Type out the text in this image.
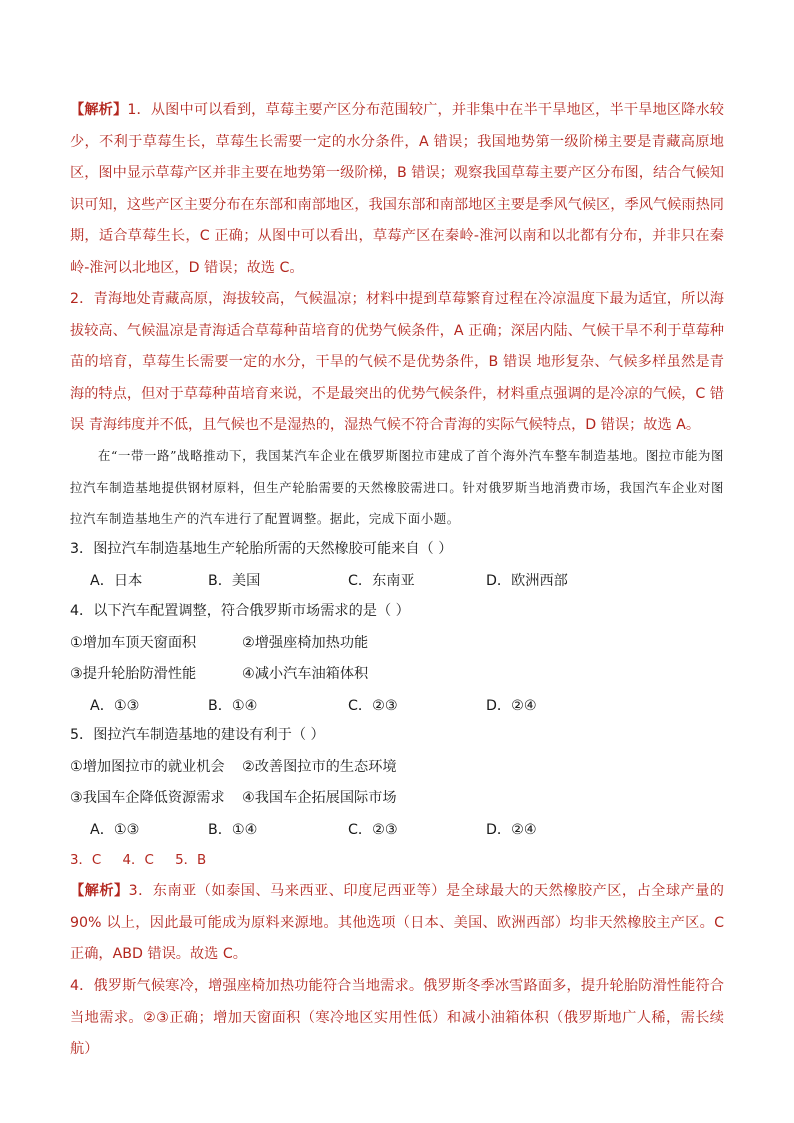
【解析】1．从图中可以看到，草莓主要产区分布范围较广，并非集中在半干旱地区，半干旱地区降水较少，不利于草莓生长，草莓生长需要一定的水分条件，A 错误；我国地势第一级阶梯主要是青藏高原地区，图中显示草莓产区并非主要在地势第一级阶梯，B 错误；观察我国草莓主要产区分布图，结合气候知识可知，这些产区主要分布在东部和南部地区，我国东部和南部地区主要是季风气候区，季风气候雨热同期，适合草莓生长，C 正确；从图中可以看出，草莓产区在秦岭-淮河以南和以北都有分布，并非只在秦岭-淮河以北地区，D 错误；故选 C。

2．青海地处青藏高原，海拔较高，气候温凉；材料中提到草莓繁育过程在冷凉温度下最为适宜，所以海拔较高、气候温凉是青海适合草莓种苗培育的优势气候条件，A 正确；深居内陆、气候干旱不利于草莓种苗的培育，草莓生长需要一定的水分，干旱的气候不是优势条件，B 错误 地形复杂、气候多样虽然是青海的特点，但对于草莓种苗培育来说，不是最突出的优势气候条件，材料重点强调的是冷凉的气候，C 错误 青海纬度并不低，且气候也不是湿热的，湿热气候不符合青海的实际气候特点，D 错误；故选 A。

在“一带一路”战略推动下，我国某汽车企业在俄罗斯图拉市建成了首个海外汽车整车制造基地。图拉市能为图拉汽车制造基地提供钢材原料，但生产轮胎需要的天然橡胶需进口。针对俄罗斯当地消费市场，我国汽车企业对图拉汽车制造基地生产的汽车进行了配置调整。据此，完成下面小题。

3．图拉汽车制造基地生产轮胎所需的天然橡胶可能来自（ ）

A．日本	B．美国	C．东南亚	D．欧洲西部

4．以下汽车配置调整，符合俄罗斯市场需求的是（ ）

①增加车顶天窗面积	②增强座椅加热功能
③提升轮胎防滑性能	④减小汽车油箱体积
A．①③	B．①④	C．②③	D．②④

5．图拉汽车制造基地的建设有利于（ ）

①增加图拉市的就业机会 ②改善图拉市的生态环境
③我国车企降低资源需求 ④我国车企拓展国际市场
A．①③	B．①④	C．②③	D．②④

3．C     4．C     5．B

【解析】3．东南亚（如泰国、马来西亚、印度尼西亚等）是全球最大的天然橡胶产区，占全球产量的 90% 以上，因此最可能成为原料来源地。其他选项（日本、美国、欧洲西部）均非天然橡胶主产区。C 正确，ABD 错误。故选 C。

4．俄罗斯气候寒冷，增强座椅加热功能符合当地需求。俄罗斯冬季冰雪路面多，提升轮胎防滑性能符合当地需求。②③正确；增加天窗面积（寒冷地区实用性低）和减小油箱体积（俄罗斯地广人稀，需长续航）
